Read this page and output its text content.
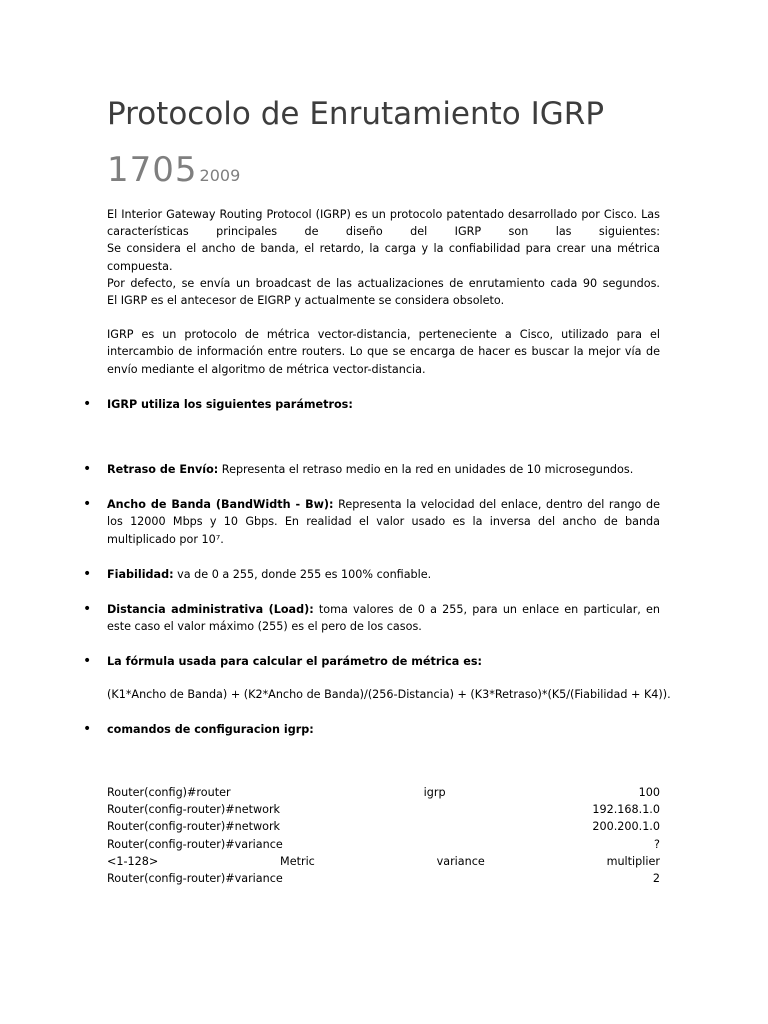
Protocolo de Enrutamiento IGRP
1705 2009

El Interior Gateway Routing Protocol (IGRP) es un protocolo patentado desarrollado por Cisco. Las características principales de diseño del IGRP son las siguientes:

Se considera el ancho de banda, el retardo, la carga y la confiabilidad para crear una métrica compuesta.

Por defecto, se envía un broadcast de las actualizaciones de enrutamiento cada 90 segundos.

El IGRP es el antecesor de EIGRP y actualmente se considera obsoleto.

IGRP es un protocolo de métrica vector-distancia, perteneciente a Cisco, utilizado para el intercambio de información entre routers. Lo que se encarga de hacer es buscar la mejor vía de envío mediante el algoritmo de métrica vector-distancia.

• IGRP utiliza los siguientes parámetros:
• Retraso de Envío: Representa el retraso medio en la red en unidades de 10 microsegundos.
• Ancho de Banda (BandWidth - Bw): Representa la velocidad del enlace, dentro del rango de los 12000 Mbps y 10 Gbps. En realidad el valor usado es la inversa del ancho de banda multiplicado por 10⁷.
• Fiabilidad: va de 0 a 255, donde 255 es 100% confiable.
• Distancia administrativa (Load): toma valores de 0 a 255, para un enlace en particular, en este caso el valor máximo (255) es el pero de los casos.
• La fórmula usada para calcular el parámetro de métrica es:

(K1*Ancho de Banda) + (K2*Ancho de Banda)/(256-Distancia) + (K3*Retraso)*(K5/(Fiabilidad + K4)).

• comandos de configuracion igrp:
Router(config)#router	igrp	100
Router(config-router)#network	192.168.1.0
Router(config-router)#network	200.200.1.0
Router(config-router)#variance	?
<1-128>	Metric	variance	multiplier
Router(config-router)#variance	2
